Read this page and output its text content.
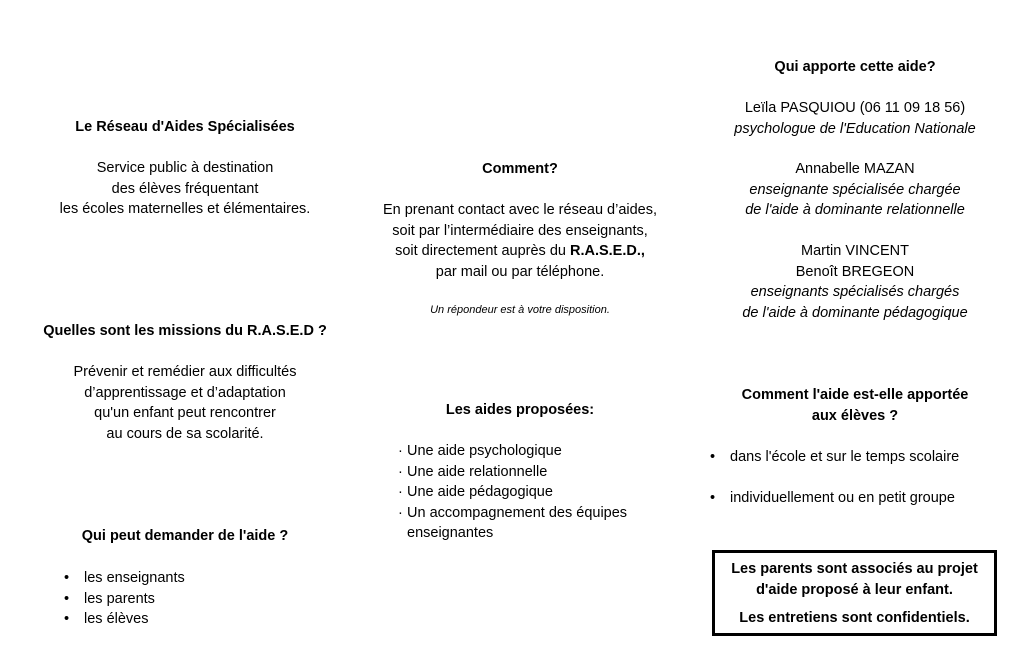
Le Réseau d'Aides Spécialisées

Service public à destination
des élèves fréquentant
les écoles maternelles et élémentaires.

Quelles sont les missions du R.A.S.E.D ?

Prévenir et remédier aux difficultés
d’apprentissage et d’adaptation
qu'un enfant peut rencontrer
au cours de sa scolarité.

Qui peut demander de l'aide ?
• les enseignants
• les parents
• les élèves
Comment?

En prenant contact avec le réseau d’aides,
soit par l’intermédiaire des enseignants,
soit directement auprès du R.A.S.E.D.,
par mail ou par téléphone.

Un répondeur est à votre disposition.

Les aides proposées:
· Une aide psychologique
· Une aide relationnelle
· Une aide pédagogique
· Un accompagnement des équipes enseignantes
Qui apporte cette aide?

Leïla PASQUIOU (06 11 09 18 56)
psychologue de l'Education Nationale

Annabelle MAZAN
enseignante spécialisée chargée
de l'aide à dominante relationnelle

Martin VINCENT
Benoît BREGEON
enseignants spécialisés chargés
de l'aide à dominante pédagogique

Comment l'aide est-elle apportée
aux élèves ?
• dans l'école et sur le temps scolaire
• individuellement ou en petit groupe
Les parents sont associés au projet
d'aide proposé à leur enfant.
Les entretiens sont confidentiels.
